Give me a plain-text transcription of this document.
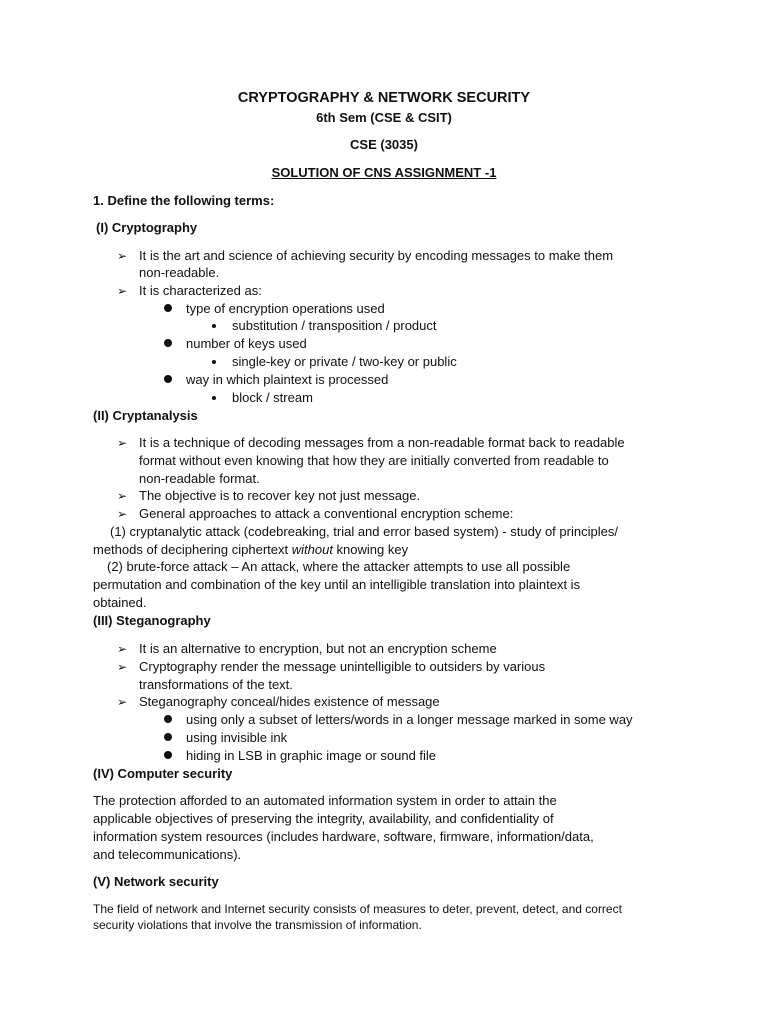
CRYPTOGRAPHY & NETWORK SECURITY
6th Sem (CSE & CSIT)
CSE (3035)
SOLUTION OF CNS ASSIGNMENT -1
1. Define the following terms:
(I) Cryptography
➢ It is the art and science of achieving security by encoding messages to make them
non-readable.
➢ It is characterized as:
type of encryption operations used
substitution / transposition / product
number of keys used
single-key or private / two-key or public
way in which plaintext is processed
block / stream
(II) Cryptanalysis
➢ It is a technique of decoding messages from a non-readable format back to readable
format without even knowing that how they are initially converted from readable to
non-readable format.
➢ The objective is to recover key not just message.
➢ General approaches to attack a conventional encryption scheme:
(1) cryptanalytic attack (codebreaking, trial and error based system) - study of principles/
methods of deciphering ciphertext without knowing key
(2) brute-force attack – An attack, where the attacker attempts to use all possible
permutation and combination of the key until an intelligible translation into plaintext is
obtained.
(III) Steganography
➢ It is an alternative to encryption, but not an encryption scheme
➢ Cryptography render the message unintelligible to outsiders by various
transformations of the text.
➢ Steganography conceal/hides existence of message
using only a subset of letters/words in a longer message marked in some way
using invisible ink
hiding in LSB in graphic image or sound file
(IV) Computer security
The protection afforded to an automated information system in order to attain the
applicable objectives of preserving the integrity, availability, and confidentiality of
information system resources (includes hardware, software, firmware, information/data,
and telecommunications).
(V) Network security
The field of network and Internet security consists of measures to deter, prevent, detect, and correct
security violations that involve the transmission of information.
